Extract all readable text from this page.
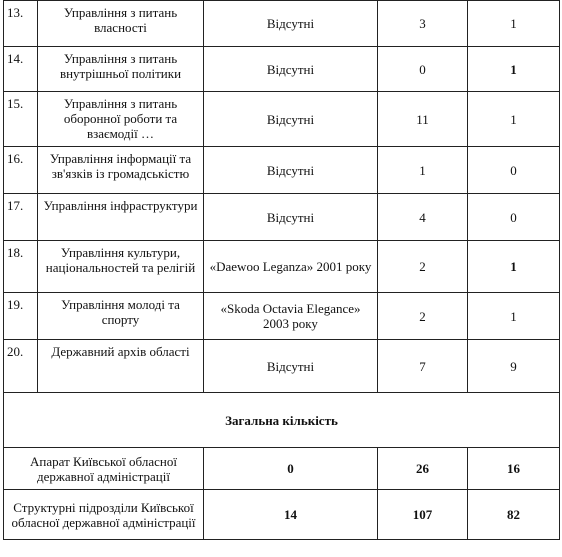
13.	Управління з питань власності	Відсутні	3	1
14.	Управління з питань внутрішньої політики	Відсутні	0	1
15.	Управління з питань оборонної роботи та взаємодії …	Відсутні	11	1
16.	Управління інформації та зв'язків із громадськістю	Відсутні	1	0
17.	Управління інфраструктури	Відсутні	4	0
18.	Управління культури, національностей та релігій	«Daewoo Leganza» 2001 року	2	1
19.	Управління молоді та спорту	«Skoda Octavia Elegance» 2003 року	2	1
20.	Державний архів області	Відсутні	7	9
Загальна кількість				
Апарат Київської обласної державної адміністрації		0	26	16
Структурні підрозділи Київської обласної державної адміністрації		14	107	82
